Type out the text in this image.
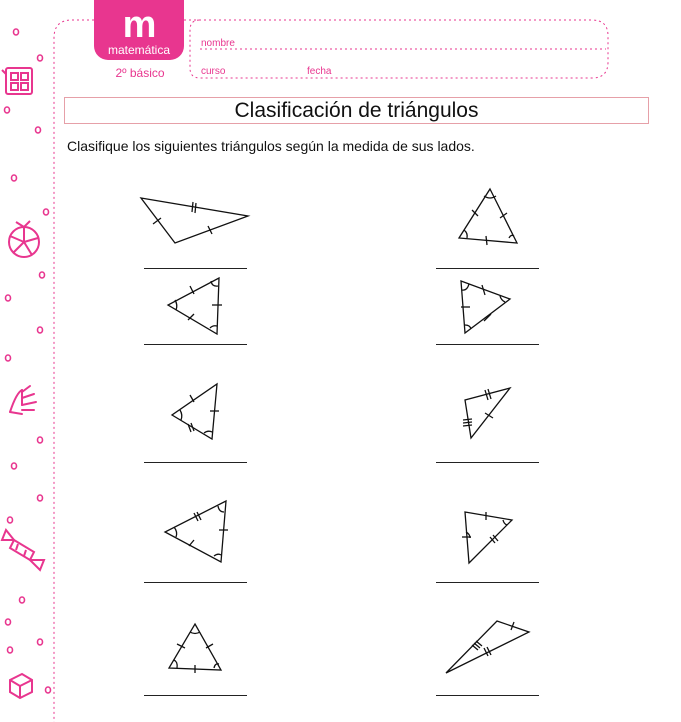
m
matemática
2º básico
nombre
curso	fecha
Clasificación de triángulos
Clasifique los siguientes triángulos según la medida de sus lados.
